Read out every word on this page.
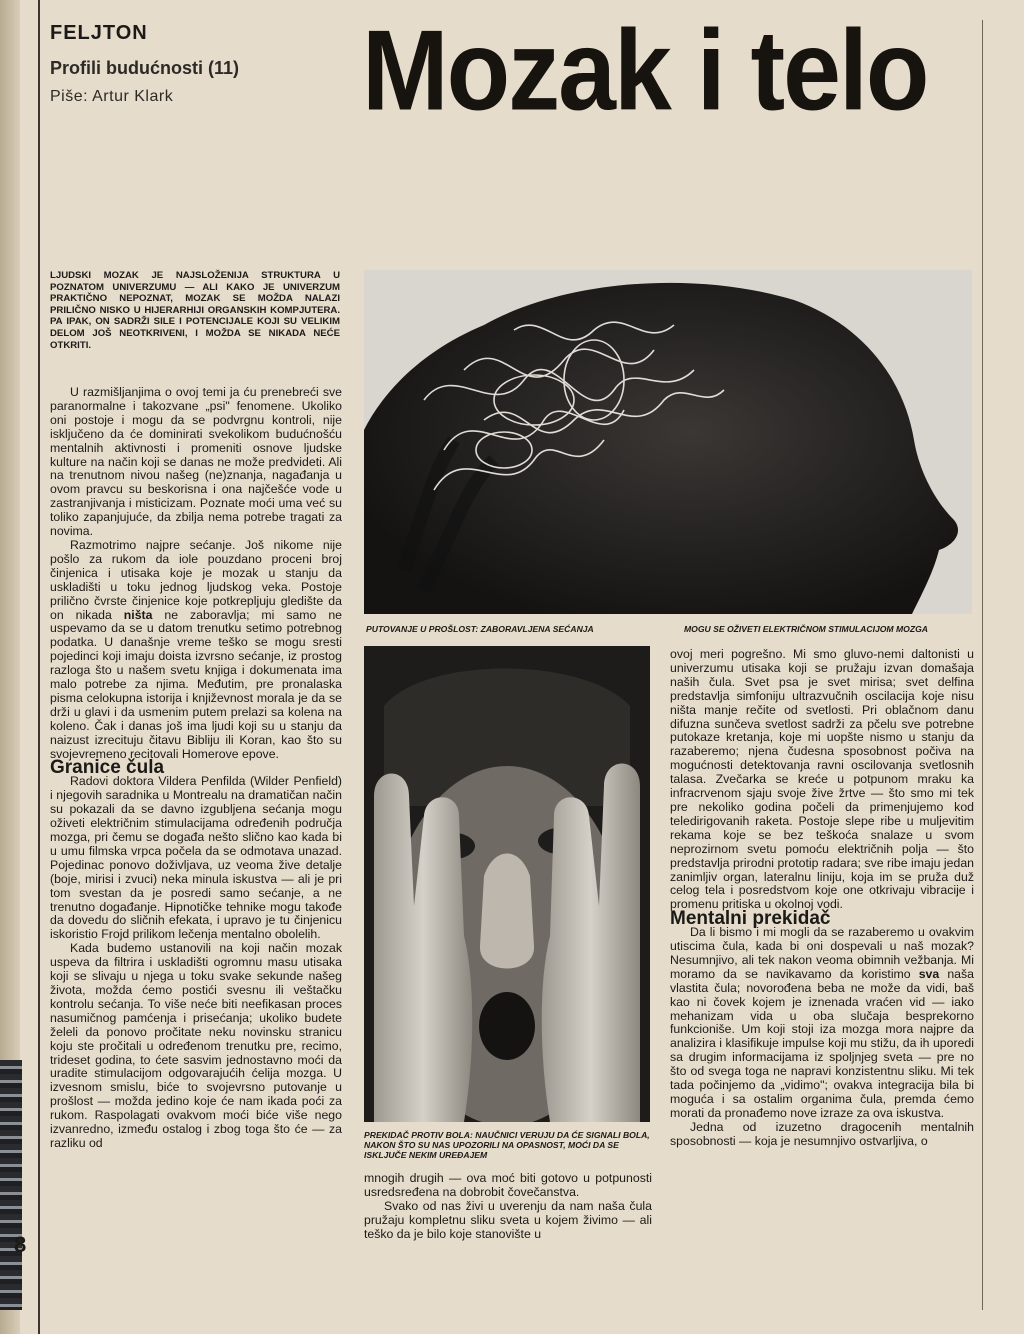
8
FELJTON
Profili budućnosti (11)
Piše: Artur Klark Mozak i telo
LJUDSKI MOZAK JE NAJSLOŽENIJA STRUKTURA U POZNATOM UNIVERZUMU — ALI KAKO JE UNIVERZUM PRAKTIČNO NEPOZNAT, MOZAK SE MOŽDA NALAZI PRILIČNO NISKO U HIJERARHIJI ORGANSKIH KOMPJUTERA. PA IPAK, ON SADRŽI SILE I POTENCIJALE KOJI SU VELIKIM DELOM JOŠ NEOTKRIVENI, I MOŽDA SE NIKADA NEĆE OTKRITI.
PUTOVANJE U PROŠLOST: ZABORAVLJENA SEĆANJA	MOGU SE OŽIVETI ELEKTRIČNOM STIMULACIJOM MOZGA
PREKIDAČ PROTIV BOLA: NAUČNICI VERUJU DA ĆE SIGNALI BOLA, NAKON ŠTO SU NAS UPOZORILI NA OPASNOST, MOĆI DA SE ISKLJUČE NEKIM UREĐAJEM

U razmišljanjima o ovoj temi ja ću prenebreći sve paranormalne i takozvane „psi" fenomene. Ukoliko oni postoje i mogu da se podvrgnu kontroli, nije isključeno da će dominirati svekolikom budućnošću mentalnih aktivnosti i promeniti osnove ljudske kulture na način koji se danas ne može predvideti. Ali na trenutnom nivou našeg (ne)znanja, nagađanja u ovom pravcu su beskorisna i ona najčešće vode u zastranjivanja i misticizam. Poznate moći uma već su toliko zapanjujuće, da zbilja nema potrebe tragati za novima.

Razmotrimo najpre sećanje. Još nikome nije pošlo za rukom da iole pouzdano proceni broj činjenica i utisaka koje je mozak u stanju da uskladišti u toku jednog ljudskog veka. Postoje prilično čvrste činjenice koje potkrepljuju gledište da on nikada ništa ne zaboravlja; mi samo ne uspevamo da se u datom trenutku setimo potrebnog podatka. U današnje vreme teško se mogu sresti pojedinci koji imaju doista izvrsno sećanje, iz prostog razloga što u našem svetu knjiga i dokumenata ima malo potrebe za njima. Međutim, pre pronalaska pisma celokupna istorija i književnost morala je da se drži u glavi i da usmenim putem prelazi sa kolena na koleno. Čak i danas još ima ljudi koji su u stanju da naizust izrecituju čitavu Bibliju ili Koran, kao što su svojevremeno recitovali Homerove epove.

Granice čula

Radovi doktora Vildera Penfilda (Wilder Penfield) i njegovih saradnika u Montrealu na dramatičan način su pokazali da se davno izgubljena sećanja mogu oživeti električnim stimulacijama određenih područja mozga, pri čemu se događa nešto slično kao kada bi u umu filmska vrpca počela da se odmotava unazad. Pojedinac ponovo doživljava, uz veoma žive detalje (boje, mirisi i zvuci) neka minula iskustva — ali je pri tom svestan da je posredi samo sećanje, a ne trenutno događanje. Hipnotičke tehnike mogu takođe da dovedu do sličnih efekata, i upravo je tu činjenicu iskoristio Frojd prilikom lečenja mentalno obolelih.

Kada budemo ustanovili na koji način mozak uspeva da filtrira i uskladišti ogromnu masu utisaka koji se slivaju u njega u toku svake sekunde našeg života, možda ćemo postići svesnu ili veštačku kontrolu sećanja. To više neće biti neefikasan proces nasumičnog pamćenja i prisećanja; ukoliko budete želeli da ponovo pročitate neku novinsku stranicu koju ste pročitali u određenom trenutku pre, recimo, trideset godina, to ćete sasvim jednostavno moći da uradite stimulacijom odgovarajućih ćelija mozga. U izvesnom smislu, biće to svojevrsno putovanje u prošlost — možda jedino koje će nam ikada poći za rukom. Raspolagati ovakvom moći biće više nego izvanredno, između ostalog i zbog toga što će — za razliku od

mnogih drugih — ova moć biti gotovo u potpunosti usredsređena na dobrobit čovečanstva.

Svako od nas živi u uverenju da nam naša čula pružaju kompletnu sliku sveta u kojem živimo — ali teško da je bilo koje stanovište u

ovoj meri pogrešno. Mi smo gluvo-nemi daltonisti u univerzumu utisaka koji se pružaju izvan domašaja naših čula. Svet psa je svet mirisa; svet delfina predstavlja simfoniju ultrazvučnih oscilacija koje nisu ništa manje rečite od svetlosti. Pri oblačnom danu difuzna sunčeva svetlost sadrži za pčelu sve potrebne putokaze kretanja, koje mi uopšte nismo u stanju da razaberemo; njena čudesna sposobnost počiva na mogućnosti detektovanja ravni oscilovanja svetlosnih talasa. Zvečarka se kreće u potpunom mraku ka infracrvenom sjaju svoje žive žrtve — što smo mi tek pre nekoliko godina počeli da primenjujemo kod teledirigovanih raketa. Postoje slepe ribe u muljevitim rekama koje se bez teškoća snalaze u svom neprozirnom svetu pomoću električnih polja — što predstavlja prirodni prototip radara; sve ribe imaju jedan zanimljiv organ, lateralnu liniju, koja im se pruža duž celog tela i posredstvom koje one otkrivaju vibracije i promenu pritiska u okolnoj vodi.

Mentalni prekidač

Da li bismo i mi mogli da se razaberemo u ovakvim utiscima čula, kada bi oni dospevali u naš mozak? Nesumnjivo, ali tek nakon veoma obimnih vežbanja. Mi moramo da se navikavamo da koristimo sva naša vlastita čula; novorođena beba ne može da vidi, baš kao ni čovek kojem je iznenada vraćen vid — iako mehanizam vida u oba slučaja besprekorno funkcioniše. Um koji stoji iza mozga mora najpre da analizira i klasifikuje impulse koji mu stižu, da ih uporedi sa drugim informacijama iz spoljnjeg sveta — pre no što od svega toga ne napravi konzistentnu sliku. Mi tek tada počinjemo da „vidimo"; ovakva integracija bila bi moguća i sa ostalim organima čula, premda ćemo morati da pronađemo nove izraze za ova iskustva.

Jedna od izuzetno dragocenih mentalnih sposobnosti — koja je nesumnjivo ostvarljiva, o
